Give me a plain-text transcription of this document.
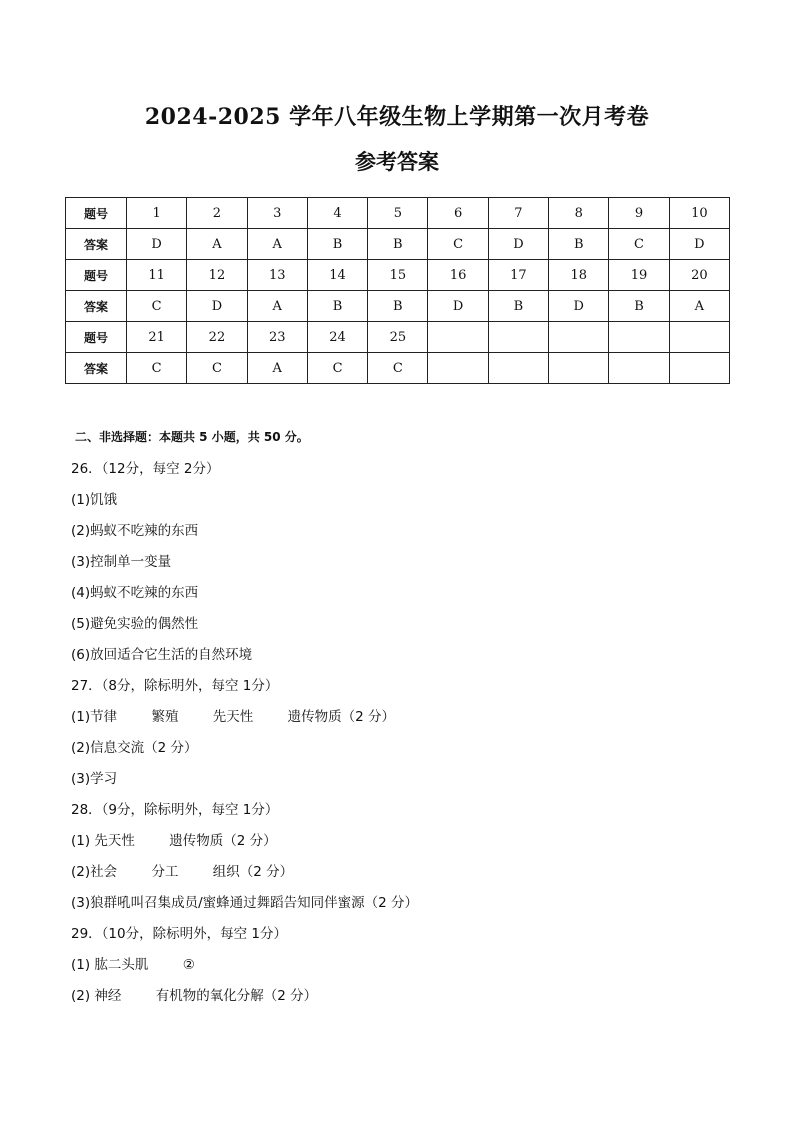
2024-2025 学年八年级生物上学期第一次月考卷
参考答案
题号	1	2	3	4	5	6	7	8	9	10
答案	D	A	A	B	B	C	D	B	C	D
题号	11	12	13	14	15	16	17	18	19	20
答案	C	D	A	B	B	D	B	D	B	A
题号	21	22	23	24	25					
答案	C	C	A	C	C					
二、非选择题：本题共 5 小题，共 50 分。
26．（12分，每空 2分）
(1)饥饿
(2)蚂蚁不吃辣的东西
(3)控制单一变量
(4)蚂蚁不吃辣的东西
(5)避免实验的偶然性
(6)放回适合它生活的自然环境
27．（8分，除标明外，每空 1分）
(1)节律        繁殖        先天性        遗传物质（2 分）
(2)信息交流（2 分）
(3)学习
28．（9分，除标明外，每空 1分）
(1) 先天性        遗传物质（2 分）
(2)社会        分工        组织（2 分）
(3)狼群吼叫召集成员/蜜蜂通过舞蹈告知同伴蜜源（2 分）
29．（10分，除标明外，每空 1分）
(1) 肱二头肌        ②
(2) 神经        有机物的氧化分解（2 分）
